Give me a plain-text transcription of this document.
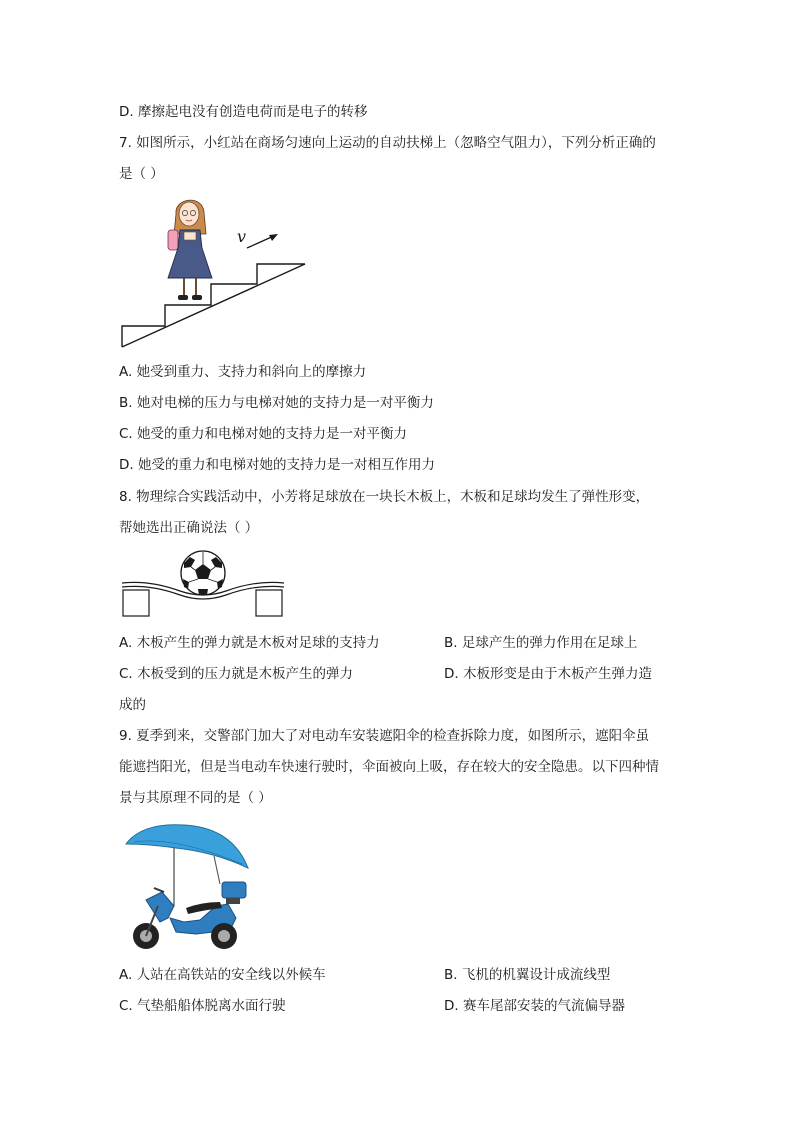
D. 摩擦起电没有创造电荷而是电子的转移
7. 如图所示，小红站在商场匀速向上运动的自动扶梯上（忽略空气阻力），下列分析正确的
是（ ）
v
A. 她受到重力、支持力和斜向上的摩擦力
B. 她对电梯的压力与电梯对她的支持力是一对平衡力
C. 她受的重力和电梯对她的支持力是一对平衡力
D. 她受的重力和电梯对她的支持力是一对相互作用力
8. 物理综合实践活动中，小芳将足球放在一块长木板上，木板和足球均发生了弹性形变，
帮她选出正确说法（ ）
A. 木板产生的弹力就是木板对足球的支持力	B. 足球产生的弹力作用在足球上
C. 木板受到的压力就是木板产生的弹力	D. 木板形变是由于木板产生弹力造
成的
9. 夏季到来，交警部门加大了对电动车安装遮阳伞的检查拆除力度，如图所示，遮阳伞虽
能遮挡阳光，但是当电动车快速行驶时，伞面被向上吸，存在较大的安全隐患。以下四种情
景与其原理不同的是（ ）
A. 人站在高铁站的安全线以外候车	B. 飞机的机翼设计成流线型
C. 气垫船船体脱离水面行驶	D. 赛车尾部安装的气流偏导器
